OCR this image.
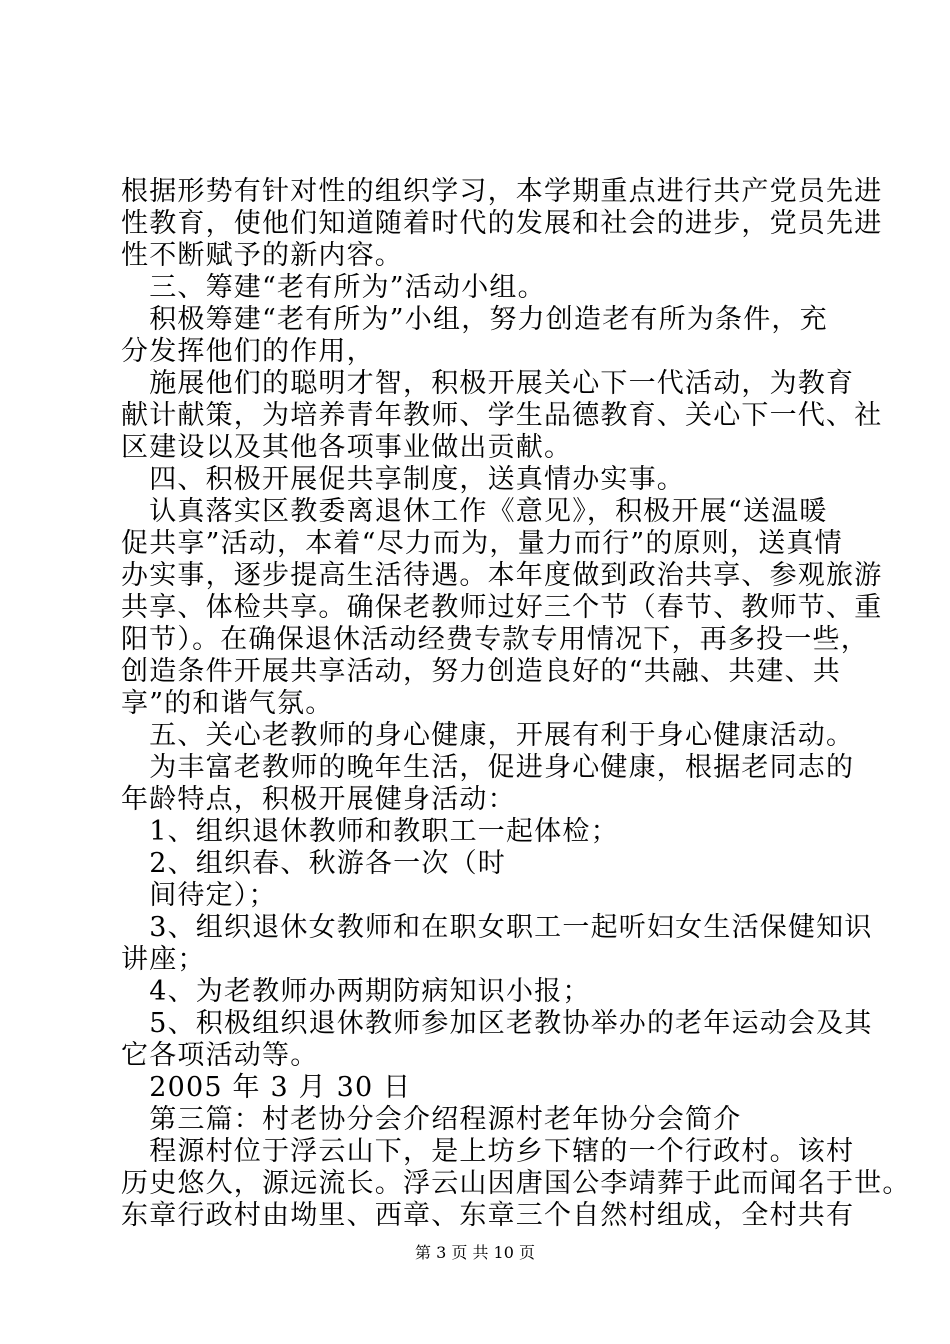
根据形势有针对性的组织学习，本学期重点进行共产党员先进
性教育，使他们知道随着时代的发展和社会的进步，党员先进
性不断赋予的新内容。
　三、筹建“老有所为”活动小组。
　积极筹建“老有所为”小组，努力创造老有所为条件，充
分发挥他们的作用，
　施展他们的聪明才智，积极开展关心下一代活动，为教育
献计献策，为培养青年教师、学生品德教育、关心下一代、社
区建设以及其他各项事业做出贡献。
　四、积极开展促共享制度，送真情办实事。
　认真落实区教委离退休工作《意见》，积极开展“送温暖
促共享”活动，本着“尽力而为，量力而行”的原则，送真情
办实事，逐步提高生活待遇。本年度做到政治共享、参观旅游
共享、体检共享。确保老教师过好三个节（春节、教师节、重
阳节）。在确保退休活动经费专款专用情况下，再多投一些，
创造条件开展共享活动，努力创造良好的“共融、共建、共
享”的和谐气氛。
　五、关心老教师的身心健康，开展有利于身心健康活动。
　为丰富老教师的晚年生活，促进身心健康，根据老同志的
年龄特点，积极开展健身活动：
　1、组织退休教师和教职工一起体检；
　2、组织春、秋游各一次（时
　间待定）；
　3、组织退休女教师和在职女职工一起听妇女生活保健知识
讲座；
　4、为老教师办两期防病知识小报；
　5、积极组织退休教师参加区老教协举办的老年运动会及其
它各项活动等。
　2005 年 3 月 30 日
　第三篇：村老协分会介绍程源村老年协分会简介
　程源村位于浮云山下，是上坊乡下辖的一个行政村。该村
历史悠久，源远流长。浮云山因唐国公李靖葬于此而闻名于世。
东章行政村由坳里、西章、东章三个自然村组成，全村共有
第 3 页 共 10 页
